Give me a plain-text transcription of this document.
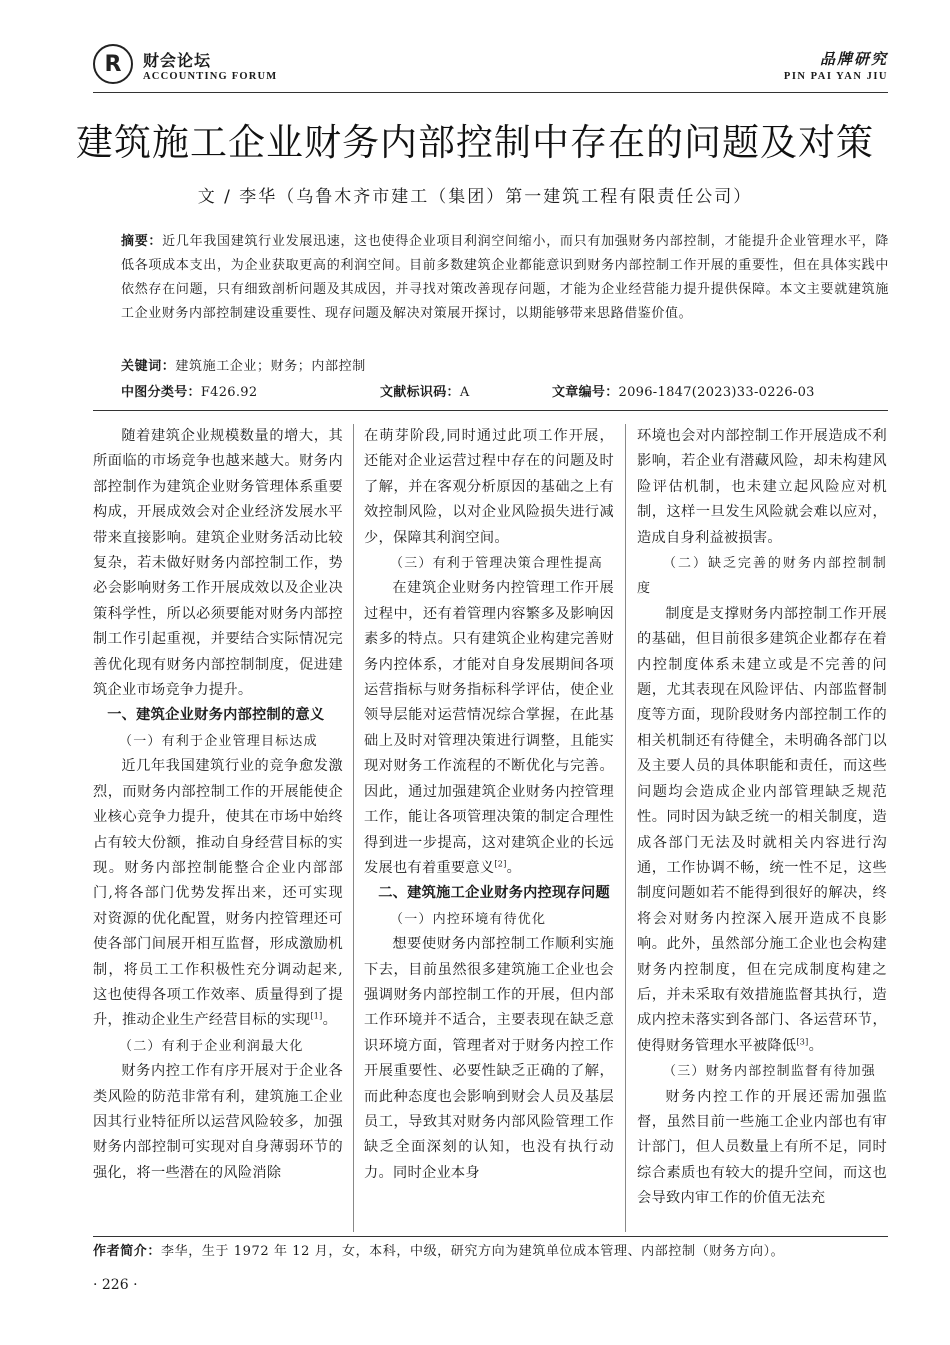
R	财会论坛
ACCOUNTING FORUM
品牌研究
PIN PAI YAN JIU
建筑施工企业财务内部控制中存在的问题及对策
文 / 李华（乌鲁木齐市建工（集团）第一建筑工程有限责任公司）

摘要：近几年我国建筑行业发展迅速，这也使得企业项目利润空间缩小，而只有加强财务内部控制，才能提升企业管理水平，降低各项成本支出，为企业获取更高的利润空间。目前多数建筑企业都能意识到财务内部控制工作开展的重要性，但在具体实践中依然存在问题，只有细致剖析问题及其成因，并寻找对策改善现存问题，才能为企业经营能力提升提供保障。本文主要就建筑施工企业财务内部控制建设重要性、现存问题及解决对策展开探讨，以期能够带来思路借鉴价值。

关键词：建筑施工企业；财务；内部控制
中图分类号：F426.92	文献标识码：A	文章编号：2096-1847(2023)33-0226-03

随着建筑企业规模数量的增大，其所面临的市场竞争也越来越大。财务内部控制作为建筑企业财务管理体系重要构成，开展成效会对企业经济发展水平带来直接影响。建筑企业财务活动比较复杂，若未做好财务内部控制工作，势必会影响财务工作开展成效以及企业决策科学性，所以必须要能对财务内部控制工作引起重视，并要结合实际情况完善优化现有财务内部控制制度，促进建筑企业市场竞争力提升。

一、建筑企业财务内部控制的意义
（一）有利于企业管理目标达成

近几年我国建筑行业的竞争愈发激烈，而财务内部控制工作的开展能使企业核心竞争力提升，使其在市场中始终占有较大份额，推动自身经营目标的实现。财务内部控制能整合企业内部部门,将各部门优势发挥出来，还可实现对资源的优化配置，财务内控管理还可使各部门间展开相互监督，形成激励机制，将员工工作积极性充分调动起来,这也使得各项工作效率、质量得到了提升，推动企业生产经营目标的实现[1]。

（二）有利于企业利润最大化

财务内控工作有序开展对于企业各类风险的防范非常有利，建筑施工企业因其行业特征所以运营风险较多，加强财务内部控制可实现对自身薄弱环节的强化，将一些潜在的风险消除

在萌芽阶段,同时通过此项工作开展，还能对企业运营过程中存在的问题及时了解，并在客观分析原因的基础之上有效控制风险，以对企业风险损失进行减少，保障其利润空间。

（三）有利于管理决策合理性提高

在建筑企业财务内控管理工作开展过程中，还有着管理内容繁多及影响因素多的特点。只有建筑企业构建完善财务内控体系，才能对自身发展期间各项运营指标与财务指标科学评估，使企业领导层能对运营情况综合掌握，在此基础上及时对管理决策进行调整，且能实现对财务工作流程的不断优化与完善。因此，通过加强建筑企业财务内控管理工作，能让各项管理决策的制定合理性得到进一步提高，这对建筑企业的长远发展也有着重要意义[2]。

二、建筑施工企业财务内控现存问题
（一）内控环境有待优化

想要使财务内部控制工作顺利实施下去，目前虽然很多建筑施工企业也会强调财务内部控制工作的开展，但内部工作环境并不适合，主要表现在缺乏意识环境方面，管理者对于财务内控工作开展重要性、必要性缺乏正确的了解，而此种态度也会影响到财会人员及基层员工，导致其对财务内部风险管理工作缺乏全面深刻的认知，也没有执行动力。同时企业本身

环境也会对内部控制工作开展造成不利影响，若企业有潜藏风险，却未构建风险评估机制，也未建立起风险应对机制，这样一旦发生风险就会难以应对，造成自身利益被损害。

（二）缺乏完善的财务内部控制制度

制度是支撑财务内部控制工作开展的基础，但目前很多建筑企业都存在着内控制度体系未建立或是不完善的问题，尤其表现在风险评估、内部监督制度等方面，现阶段财务内部控制工作的相关机制还有待健全，未明确各部门以及主要人员的具体职能和责任，而这些问题均会造成企业内部管理缺乏规范性。同时因为缺乏统一的相关制度，造成各部门无法及时就相关内容进行沟通，工作协调不畅，统一性不足，这些制度问题如若不能得到很好的解决，终将会对财务内控深入展开造成不良影响。此外，虽然部分施工企业也会构建财务内控制度，但在完成制度构建之后，并未采取有效措施监督其执行，造成内控未落实到各部门、各运营环节，使得财务管理水平被降低[3]。

（三）财务内部控制监督有待加强

财务内控工作的开展还需加强监督，虽然目前一些施工企业内部也有审计部门，但人员数量上有所不足，同时综合素质也有较大的提升空间，而这也会导致内审工作的价值无法充

作者简介：李华，生于 1972 年 12 月，女，本科，中级，研究方向为建筑单位成本管理、内部控制（财务方向）。
· 226 ·
